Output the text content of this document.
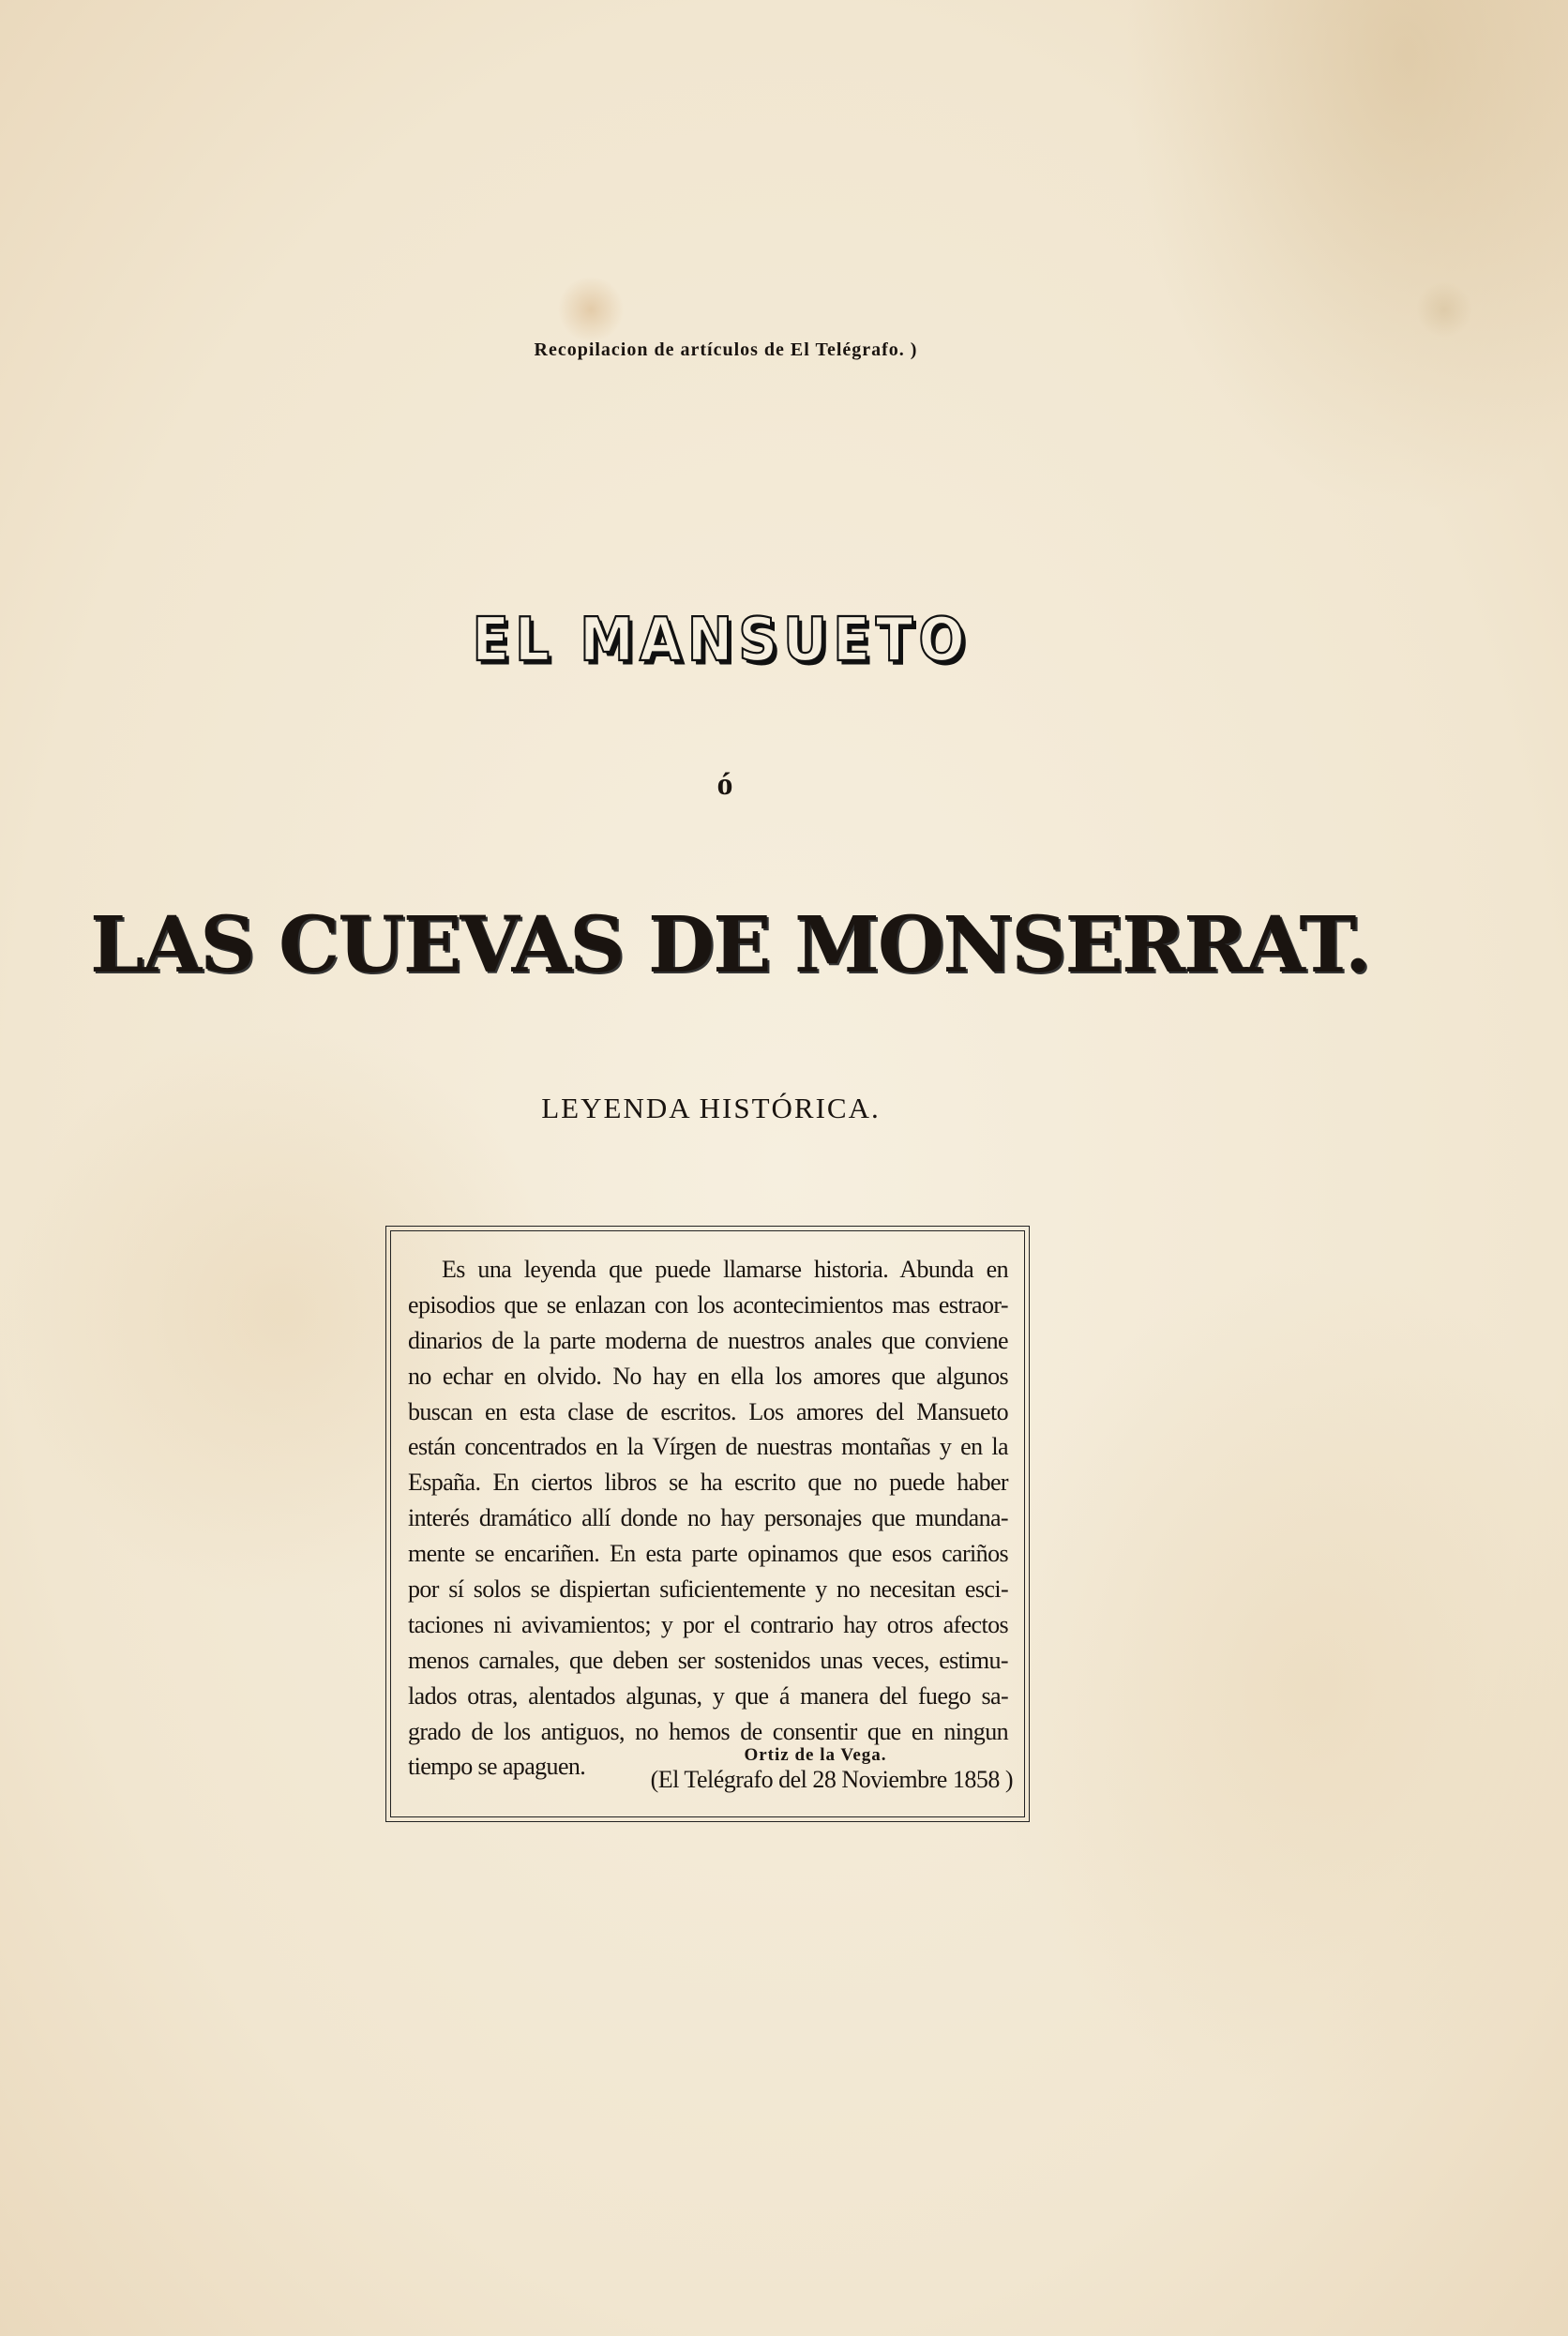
Recopilacion de artículos de El Telégrafo. )
EL MANSUETO
ó
LAS CUEVAS DE MONSERRAT.
LEYENDA HISTÓRICA.
Es una leyenda que puede llamarse historia. Abunda en
episodios que se enlazan con los acontecimientos mas estraor-
dinarios de la parte moderna de nuestros anales que conviene
no echar en olvido. No hay en ella los amores que algunos
buscan en esta clase de escritos. Los amores del Mansueto
están concentrados en la Vírgen de nuestras montañas y en la
España. En ciertos libros se ha escrito que no puede haber
interés dramático allí donde no hay personajes que mundana-
mente se encariñen. En esta parte opinamos que esos cariños
por sí solos se dispiertan suficientemente y no necesitan esci-
taciones ni avivamientos; y por el contrario hay otros afectos
menos carnales, que deben ser sostenidos unas veces, estimu-
lados otras, alentados algunas, y que á manera del fuego sa-
grado de los antiguos, no hemos de consentir que en ningun
tiempo se apaguen.	Ortiz de la Vega.
(El Telégrafo del 28 Noviembre 1858 )
